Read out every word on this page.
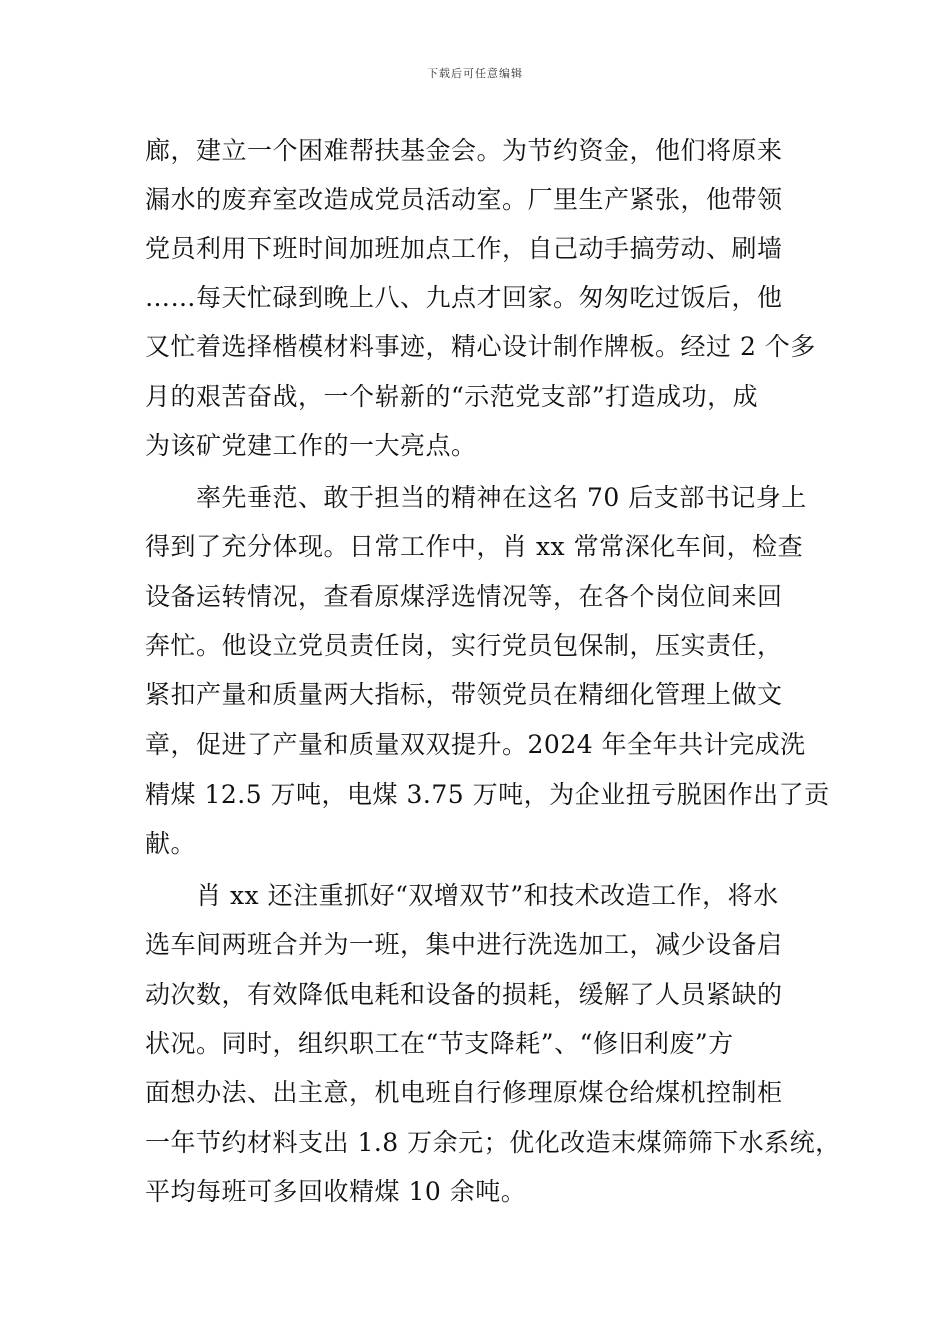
下载后可任意编辑
廊，建立一个困难帮扶基金会。为节约资金，他们将原来
漏水的废弃室改造成党员活动室。厂里生产紧张，他带领
党员利用下班时间加班加点工作，自己动手搞劳动、刷墙
……每天忙碌到晚上八、九点才回家。匆匆吃过饭后，他
又忙着选择楷模材料事迹，精心设计制作牌板。经过 2 个多
月的艰苦奋战，一个崭新的“示范党支部”打造成功，成
为该矿党建工作的一大亮点。
　　率先垂范、敢于担当的精神在这名 70 后支部书记身上
得到了充分体现。日常工作中，肖 xx 常常深化车间，检查
设备运转情况，查看原煤浮选情况等，在各个岗位间来回
奔忙。他设立党员责任岗，实行党员包保制，压实责任，
紧扣产量和质量两大指标，带领党员在精细化管理上做文
章，促进了产量和质量双双提升。2024 年全年共计完成洗
精煤 12.5 万吨，电煤 3.75 万吨，为企业扭亏脱困作出了贡
献。
　　肖 xx 还注重抓好“双增双节”和技术改造工作，将水
选车间两班合并为一班，集中进行洗选加工，减少设备启
动次数，有效降低电耗和设备的损耗，缓解了人员紧缺的
状况。同时，组织职工在“节支降耗”、“修旧利废”方
面想办法、出主意，机电班自行修理原煤仓给煤机控制柜
一年节约材料支出 1.8 万余元；优化改造末煤筛筛下水系统，
平均每班可多回收精煤 10 余吨。
